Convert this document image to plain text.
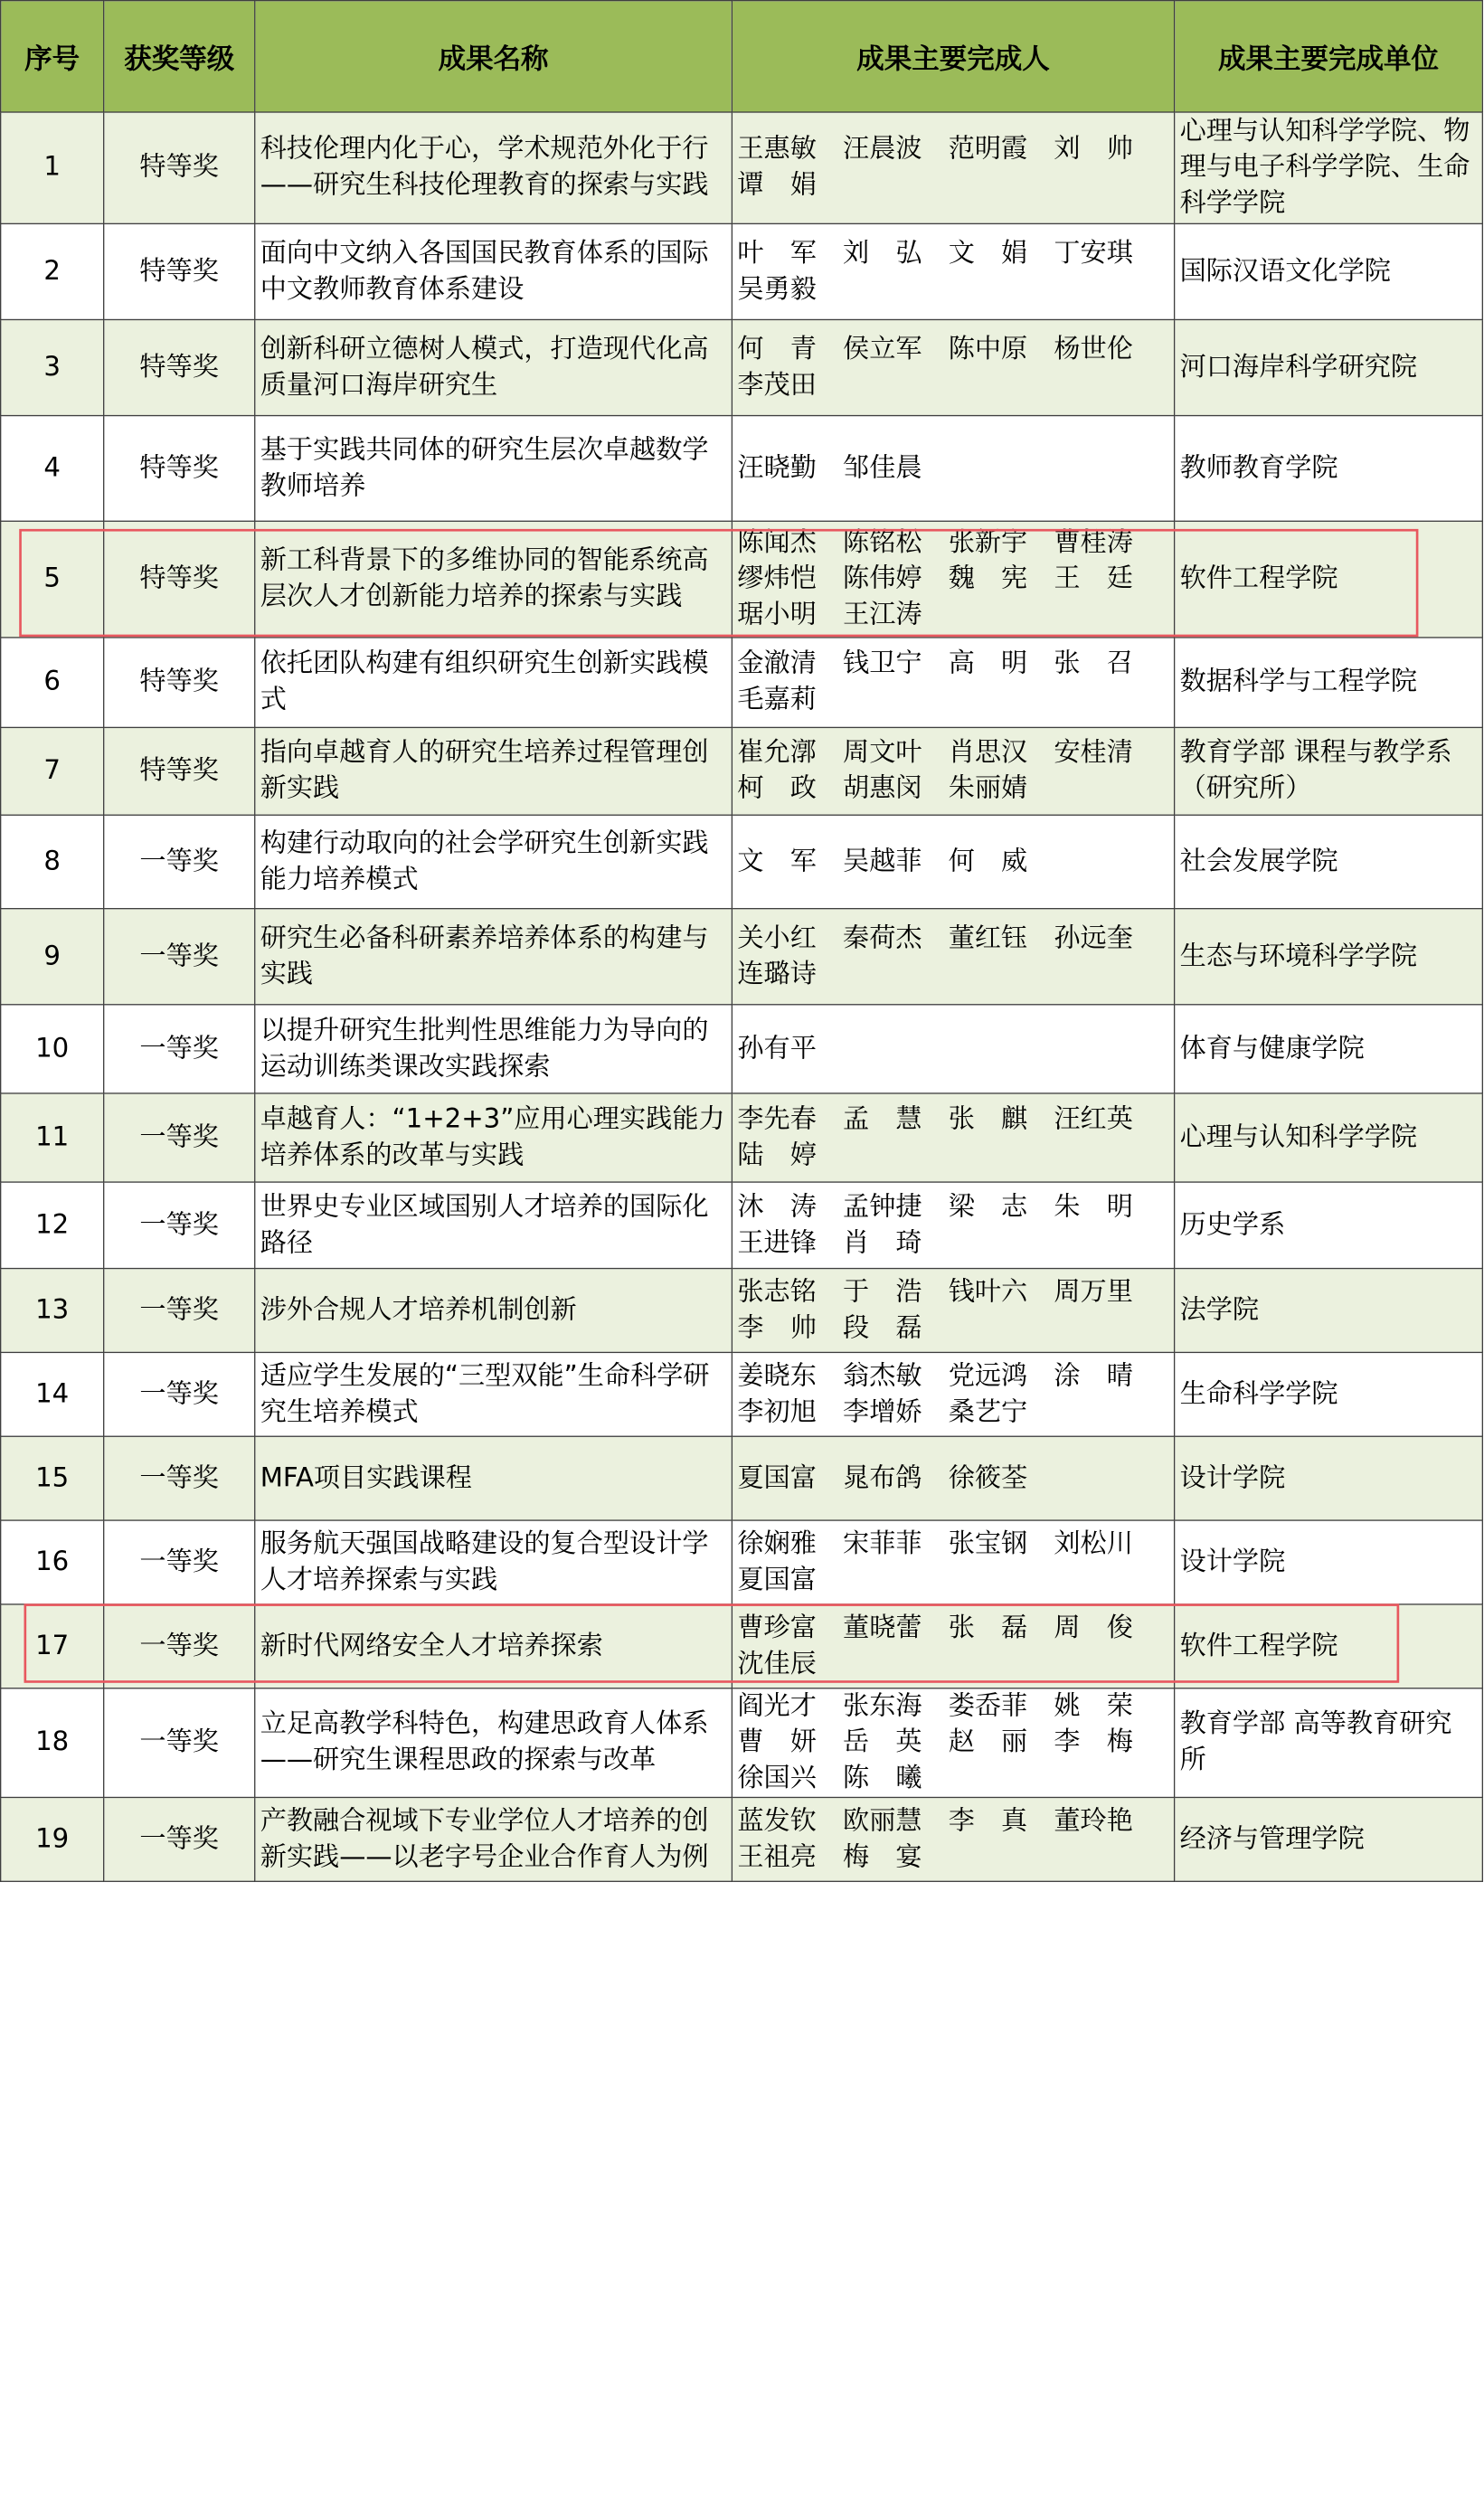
序号	获奖等级	成果名称	成果主要完成人	成果主要完成单位
1	特等奖	科技伦理内化于心，学术规范外化于行——研究生科技伦理教育的探索与实践	王惠敏　汪晨波　范明霞　刘　帅
谭　娟	心理与认知科学学院、物理与电子科学学院、生命科学学院
2	特等奖	面向中文纳入各国国民教育体系的国际中文教师教育体系建设	叶　军　刘　弘　文　娟　丁安琪
吴勇毅	国际汉语文化学院
3	特等奖	创新科研立德树人模式，打造现代化高质量河口海岸研究生	何　青　侯立军　陈中原　杨世伦
李茂田	河口海岸科学研究院
4	特等奖	基于实践共同体的研究生层次卓越数学教师培养	汪晓勤　邹佳晨	教师教育学院
5	特等奖	新工科背景下的多维协同的智能系统高层次人才创新能力培养的探索与实践	陈闻杰　陈铭松　张新宇　曹桂涛
缪炜恺　陈伟婷　魏　宪　王　廷
琚小明　王江涛	软件工程学院
6	特等奖	依托团队构建有组织研究生创新实践模式	金澈清　钱卫宁　高　明　张　召
毛嘉莉	数据科学与工程学院
7	特等奖	指向卓越育人的研究生培养过程管理创新实践	崔允漷　周文叶　肖思汉　安桂清
柯　政　胡惠闵　朱丽婧	教育学部 课程与教学系（研究所）
8	一等奖	构建行动取向的社会学研究生创新实践能力培养模式	文　军　吴越菲　何　威	社会发展学院
9	一等奖	研究生必备科研素养培养体系的构建与实践	关小红　秦荷杰　董红钰　孙远奎
连璐诗	生态与环境科学学院
10	一等奖	以提升研究生批判性思维能力为导向的运动训练类课改实践探索	孙有平	体育与健康学院
11	一等奖	卓越育人：“1+2+3”应用心理实践能力培养体系的改革与实践	李先春　孟　慧　张　麒　汪红英
陆　婷	心理与认知科学学院
12	一等奖	世界史专业区域国别人才培养的国际化路径	沐　涛　孟钟捷　梁　志　朱　明
王进锋　肖　琦	历史学系
13	一等奖	涉外合规人才培养机制创新	张志铭　于　浩　钱叶六　周万里
李　帅　段　磊	法学院
14	一等奖	适应学生发展的“三型双能”生命科学研究生培养模式	姜晓东　翁杰敏　党远鸿　涂　晴
李初旭　李增娇　桑艺宁	生命科学学院
15	一等奖	MFA项目实践课程	夏国富　晁布鸽　徐筱荃	设计学院
16	一等奖	服务航天强国战略建设的复合型设计学人才培养探索与实践	徐娴雅　宋菲菲　张宝钢　刘松川
夏国富	设计学院
17	一等奖	新时代网络安全人才培养探索	曹珍富　董晓蕾　张　磊　周　俊
沈佳辰	软件工程学院
18	一等奖	立足高教学科特色，构建思政育人体系——研究生课程思政的探索与改革	阎光才　张东海　娄岙菲　姚　荣
曹　妍　岳　英　赵　丽　李　梅
徐国兴　陈　曦	教育学部 高等教育研究所
19	一等奖	产教融合视域下专业学位人才培养的创新实践——以老字号企业合作育人为例	蓝发钦　欧丽慧　李　真　董玲艳
王祖亮　梅　宴	经济与管理学院
